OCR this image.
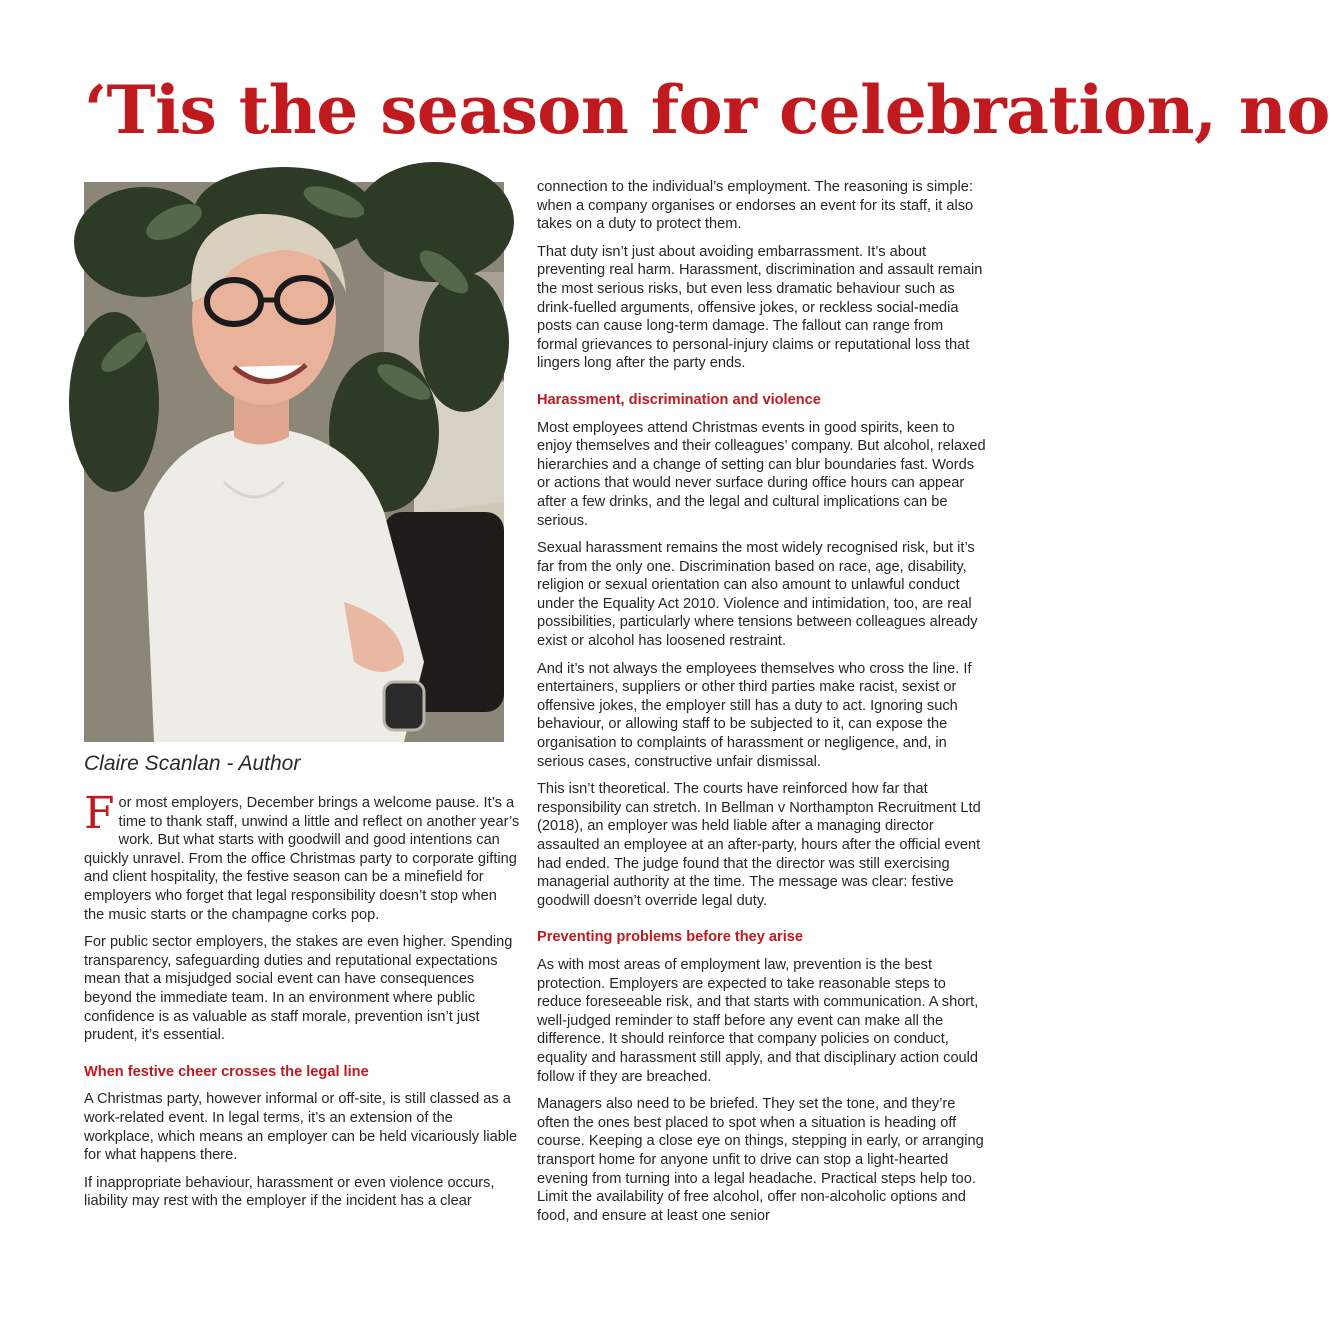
‘Tis the season for celebration, no

Claire Scanlan - Author

For most employers, December brings a welcome pause. It’s a time to thank staff, unwind a little and reflect on another year’s work. But what starts with goodwill and good intentions can quickly unravel. From the office Christmas party to corporate gifting and client hospitality, the festive season can be a minefield for employers who forget that legal responsibility doesn’t stop when the music starts or the champagne corks pop.

For public sector employers, the stakes are even higher. Spending transparency, safeguarding duties and reputational expectations mean that a misjudged social event can have consequences beyond the immediate team. In an environment where public confidence is as valuable as staff morale, prevention isn’t just prudent, it’s essential.

When festive cheer crosses the legal line

A Christmas party, however informal or off-site, is still classed as a work-related event. In legal terms, it’s an extension of the workplace, which means an employer can be held vicariously liable for what happens there.

If inappropriate behaviour, harassment or even violence occurs, liability may rest with the employer if the incident has a clear

connection to the individual’s employment. The reasoning is simple: when a company organises or endorses an event for its staff, it also takes on a duty to protect them.

That duty isn’t just about avoiding embarrassment. It’s about preventing real harm. Harassment, discrimination and assault remain the most serious risks, but even less dramatic behaviour such as drink-fuelled arguments, offensive jokes, or reckless social-media posts can cause long-term damage. The fallout can range from formal grievances to personal-injury claims or reputational loss that lingers long after the party ends.

Harassment, discrimination and violence

Most employees attend Christmas events in good spirits, keen to enjoy themselves and their colleagues’ company. But alcohol, relaxed hierarchies and a change of setting can blur boundaries fast. Words or actions that would never surface during office hours can appear after a few drinks, and the legal and cultural implications can be serious.

Sexual harassment remains the most widely recognised risk, but it’s far from the only one. Discrimination based on race, age, disability, religion or sexual orientation can also amount to unlawful conduct under the Equality Act 2010. Violence and intimidation, too, are real possibilities, particularly where tensions between colleagues already exist or alcohol has loosened restraint.

And it’s not always the employees themselves who cross the line. If entertainers, suppliers or other third parties make racist, sexist or offensive jokes, the employer still has a duty to act. Ignoring such behaviour, or allowing staff to be subjected to it, can expose the organisation to complaints of harassment or negligence, and, in serious cases, constructive unfair dismissal.

This isn’t theoretical. The courts have reinforced how far that responsibility can stretch. In Bellman v Northampton Recruitment Ltd (2018), an employer was held liable after a managing director assaulted an employee at an after-party, hours after the official event had ended. The judge found that the director was still exercising managerial authority at the time. The message was clear: festive goodwill doesn’t override legal duty.

Preventing problems before they arise

As with most areas of employment law, prevention is the best protection. Employers are expected to take reasonable steps to reduce foreseeable risk, and that starts with communication. A short, well-judged reminder to staff before any event can make all the difference. It should reinforce that company policies on conduct, equality and harassment still apply, and that disciplinary action could follow if they are breached.

Managers also need to be briefed. They set the tone, and they’re often the ones best placed to spot when a situation is heading off course. Keeping a close eye on things, stepping in early, or arranging transport home for anyone unfit to drive can stop a light-hearted evening from turning into a legal headache. Practical steps help too. Limit the availability of free alcohol, offer non-alcoholic options and food, and ensure at least one senior
